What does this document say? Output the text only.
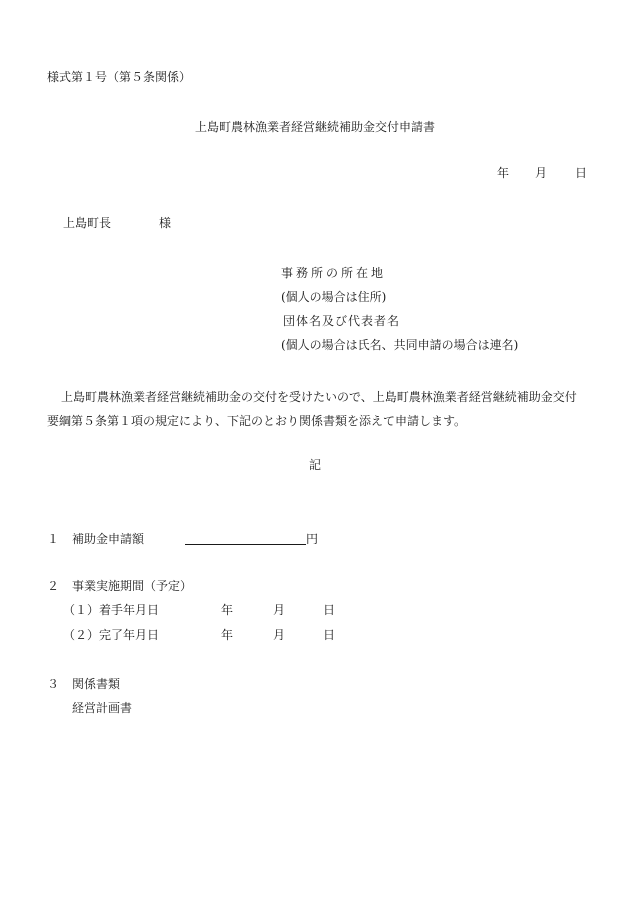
様式第１号（第５条関係）
上島町農林漁業者経営継続補助金交付申請書
年 月 日
上島町長	様
事務所の所在地
(個人の場合は住所)
団体名及び代表者名
(個人の場合は氏名、共同申請の場合は連名)
上島町農林漁業者経営継続補助金の交付を受けたいので、上島町農林漁業者経営継続補助金交付要綱第５条第１項の規定により、下記のとおり関係書類を添えて申請します。
記
１ 補助金申請額	円
２ 事業実施期間（予定）
（１）着手年月日	年	月	日
（２）完了年月日	年	月	日
３ 関係書類
経営計画書
